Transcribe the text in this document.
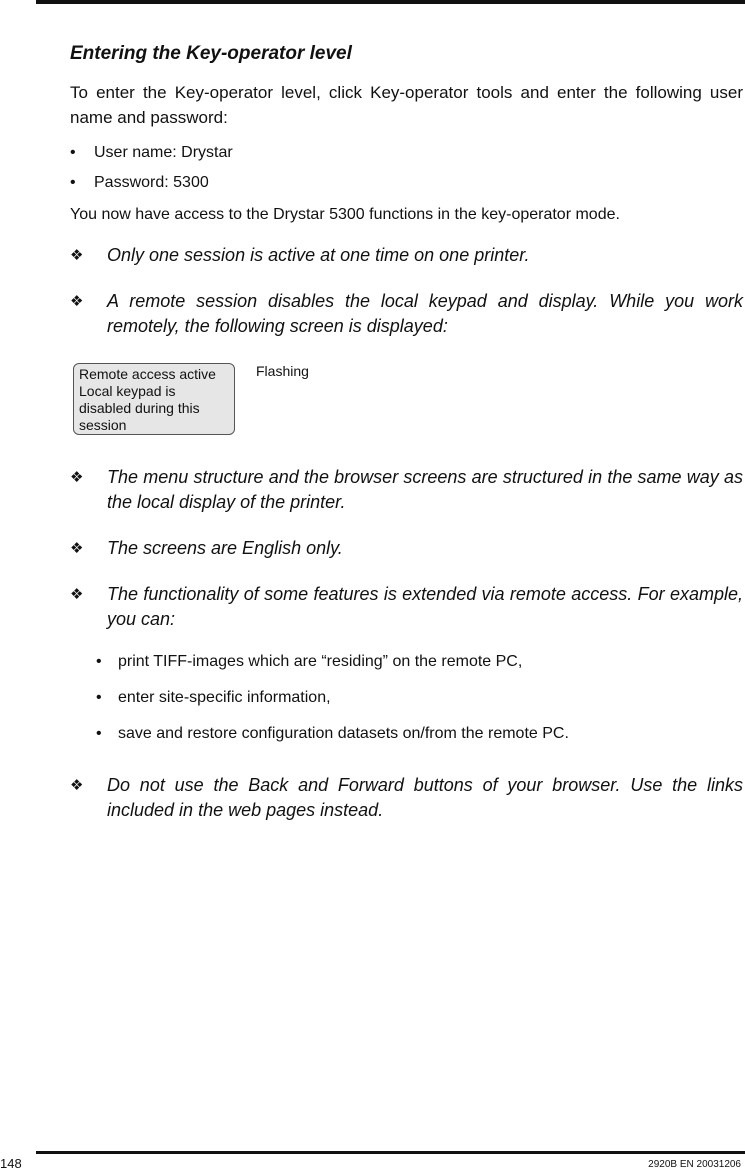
Entering the Key-operator level

To enter the Key-operator level, click Key-operator tools and enter the following user name and password:

• User name: Drystar
• Password: 5300

You now have access to the Drystar 5300 functions in the key-operator mode.

❖ Only one session is active at one time on one printer.
❖ A remote session disables the local keypad and display. While you work remotely, the following screen is displayed:
Remote access active
Local keypad is
disabled during this
session
Flashing
❖ The menu structure and the browser screens are structured in the same way as the local display of the printer.
❖ The screens are English only.
❖ The functionality of some features is extended via remote access. For example, you can:
• print TIFF-images which are “residing” on the remote PC,
• enter site-specific information,
• save and restore configuration datasets on/from the remote PC.
❖ Do not use the Back and Forward buttons of your browser. Use the links included in the web pages instead.
148	2920B EN 20031206
